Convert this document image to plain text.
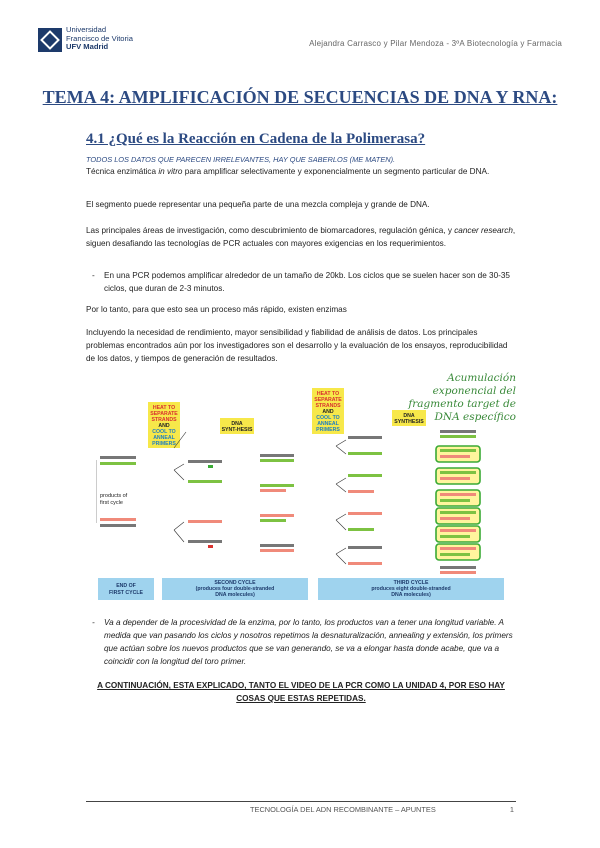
Universidad
Francisco de Vitoria
UFV Madrid	Alejandra Carrasco y Pilar Mendoza - 3ºA Biotecnología y Farmacia
TEMA 4: AMPLIFICACIÓN DE SECUENCIAS DE DNA Y RNA:
4.1 ¿Qué es la Reacción en Cadena de la Polimerasa?
TODOS LOS DATOS QUE PARECEN IRRELEVANTES, HAY QUE SABERLOS (ME MATEN).
Técnica enzimática in vitro para amplificar selectivamente y exponencialmente un segmento particular de DNA.
El segmento puede representar una pequeña parte de una mezcla compleja y grande de DNA.
Las principales áreas de investigación, como descubrimiento de biomarcadores, regulación génica, y cancer research, siguen desafiando las tecnologías de PCR actuales con mayores exigencias en los requerimientos.
- En una PCR podemos amplificar alrededor de un tamaño de 20kb. Los ciclos que se suelen hacer son de 30-35 ciclos, que duran de 2-3 minutos.
Por lo tanto, para que esto sea un proceso más rápido, existen enzimas
Incluyendo la necesidad de rendimiento, mayor sensibilidad y fiabilidad de análisis de datos. Los principales problemas encontrados aún por los investigadores son el desarrollo y la evaluación de los ensayos, reproducibilidad de los datos, y tiempos de generación de resultados.
Acumulación exponencial del fragmento target de DNA específico
HEAT TO
SEPARATE
STRANDS
AND
COOL TO
ANNEAL
PRIMERS
DNA
SYNT-HESIS
HEAT TO
SEPARATE
STRANDS
AND
COOL TO
ANNEAL
PRIMERS
DNA
SYNTHESIS
products of
first cycle
END OF
FIRST CYCLE
SECOND CYCLE
(produces four double-stranded
DNA molecules)
THIRD CYCLE
produces eight double-stranded
DNA molecules)
- Va a depender de la procesividad de la enzima, por lo tanto, los productos van a tener una longitud variable. A medida que van pasando los ciclos y nosotros repetimos la desnaturalización, annealing y extensión, los primers que actúan sobre los nuevos productos que se van generando, se va a elongar hasta donde acabe, que va a coincidir con la longitud del toro primer.
A CONTINUACIÓN, ESTA EXPLICADO, TANTO EL VIDEO DE LA PCR COMO LA UNIDAD 4, POR ESO HAY COSAS QUE ESTAS REPETIDAS.
TECNOLOGÍA DEL ADN RECOMBINANTE – APUNTES	1
